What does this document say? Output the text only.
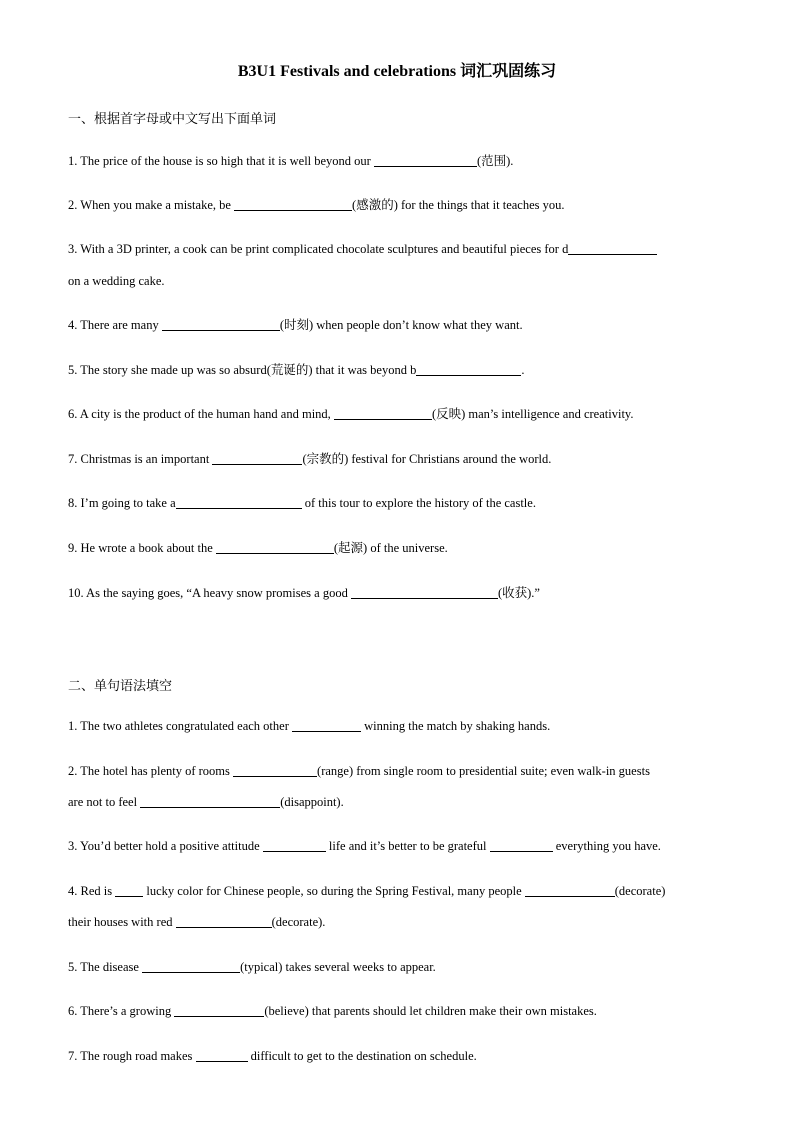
B3U1 Festivals and celebrations 词汇巩固练习
一、根据首字母或中文写出下面单词
1. The price of the house is so high that it is well beyond our	(范围).
2. When you make a mistake, be	(感激的) for the things that it teaches you.
3. With a 3D printer, a cook can be print complicated chocolate sculptures and beautiful pieces for d
on a wedding cake.
4. There are many	(时刻) when people don’t know what they want.
5. The story she made up was so absurd(荒诞的) that it was beyond b	.
6. A city is the product of the human hand and mind,	(反映) man’s intelligence and creativity.
7. Christmas is an important	(宗教的) festival for Christians around the world.
8. I’m going to take a	of this tour to explore the history of the castle.
9. He wrote a book about the	(起源) of the universe.
10. As the saying goes, “A heavy snow promises a good	(收获).”
二、单句语法填空
1. The two athletes congratulated each other	winning the match by shaking hands.
2. The hotel has plenty of rooms	(range) from single room to presidential suite; even walk-in guests
are not to feel	(disappoint).
3. You’d better hold a positive attitude	life and it’s better to be grateful	everything you have.
4. Red is  lucky color for Chinese people, so during the Spring Festival, many people	(decorate)
their houses with red	(decorate).
5. The disease	(typical) takes several weeks to appear.
6. There’s a growing	(believe) that parents should let children make their own mistakes.
7. The rough road makes	difficult to get to the destination on schedule.
